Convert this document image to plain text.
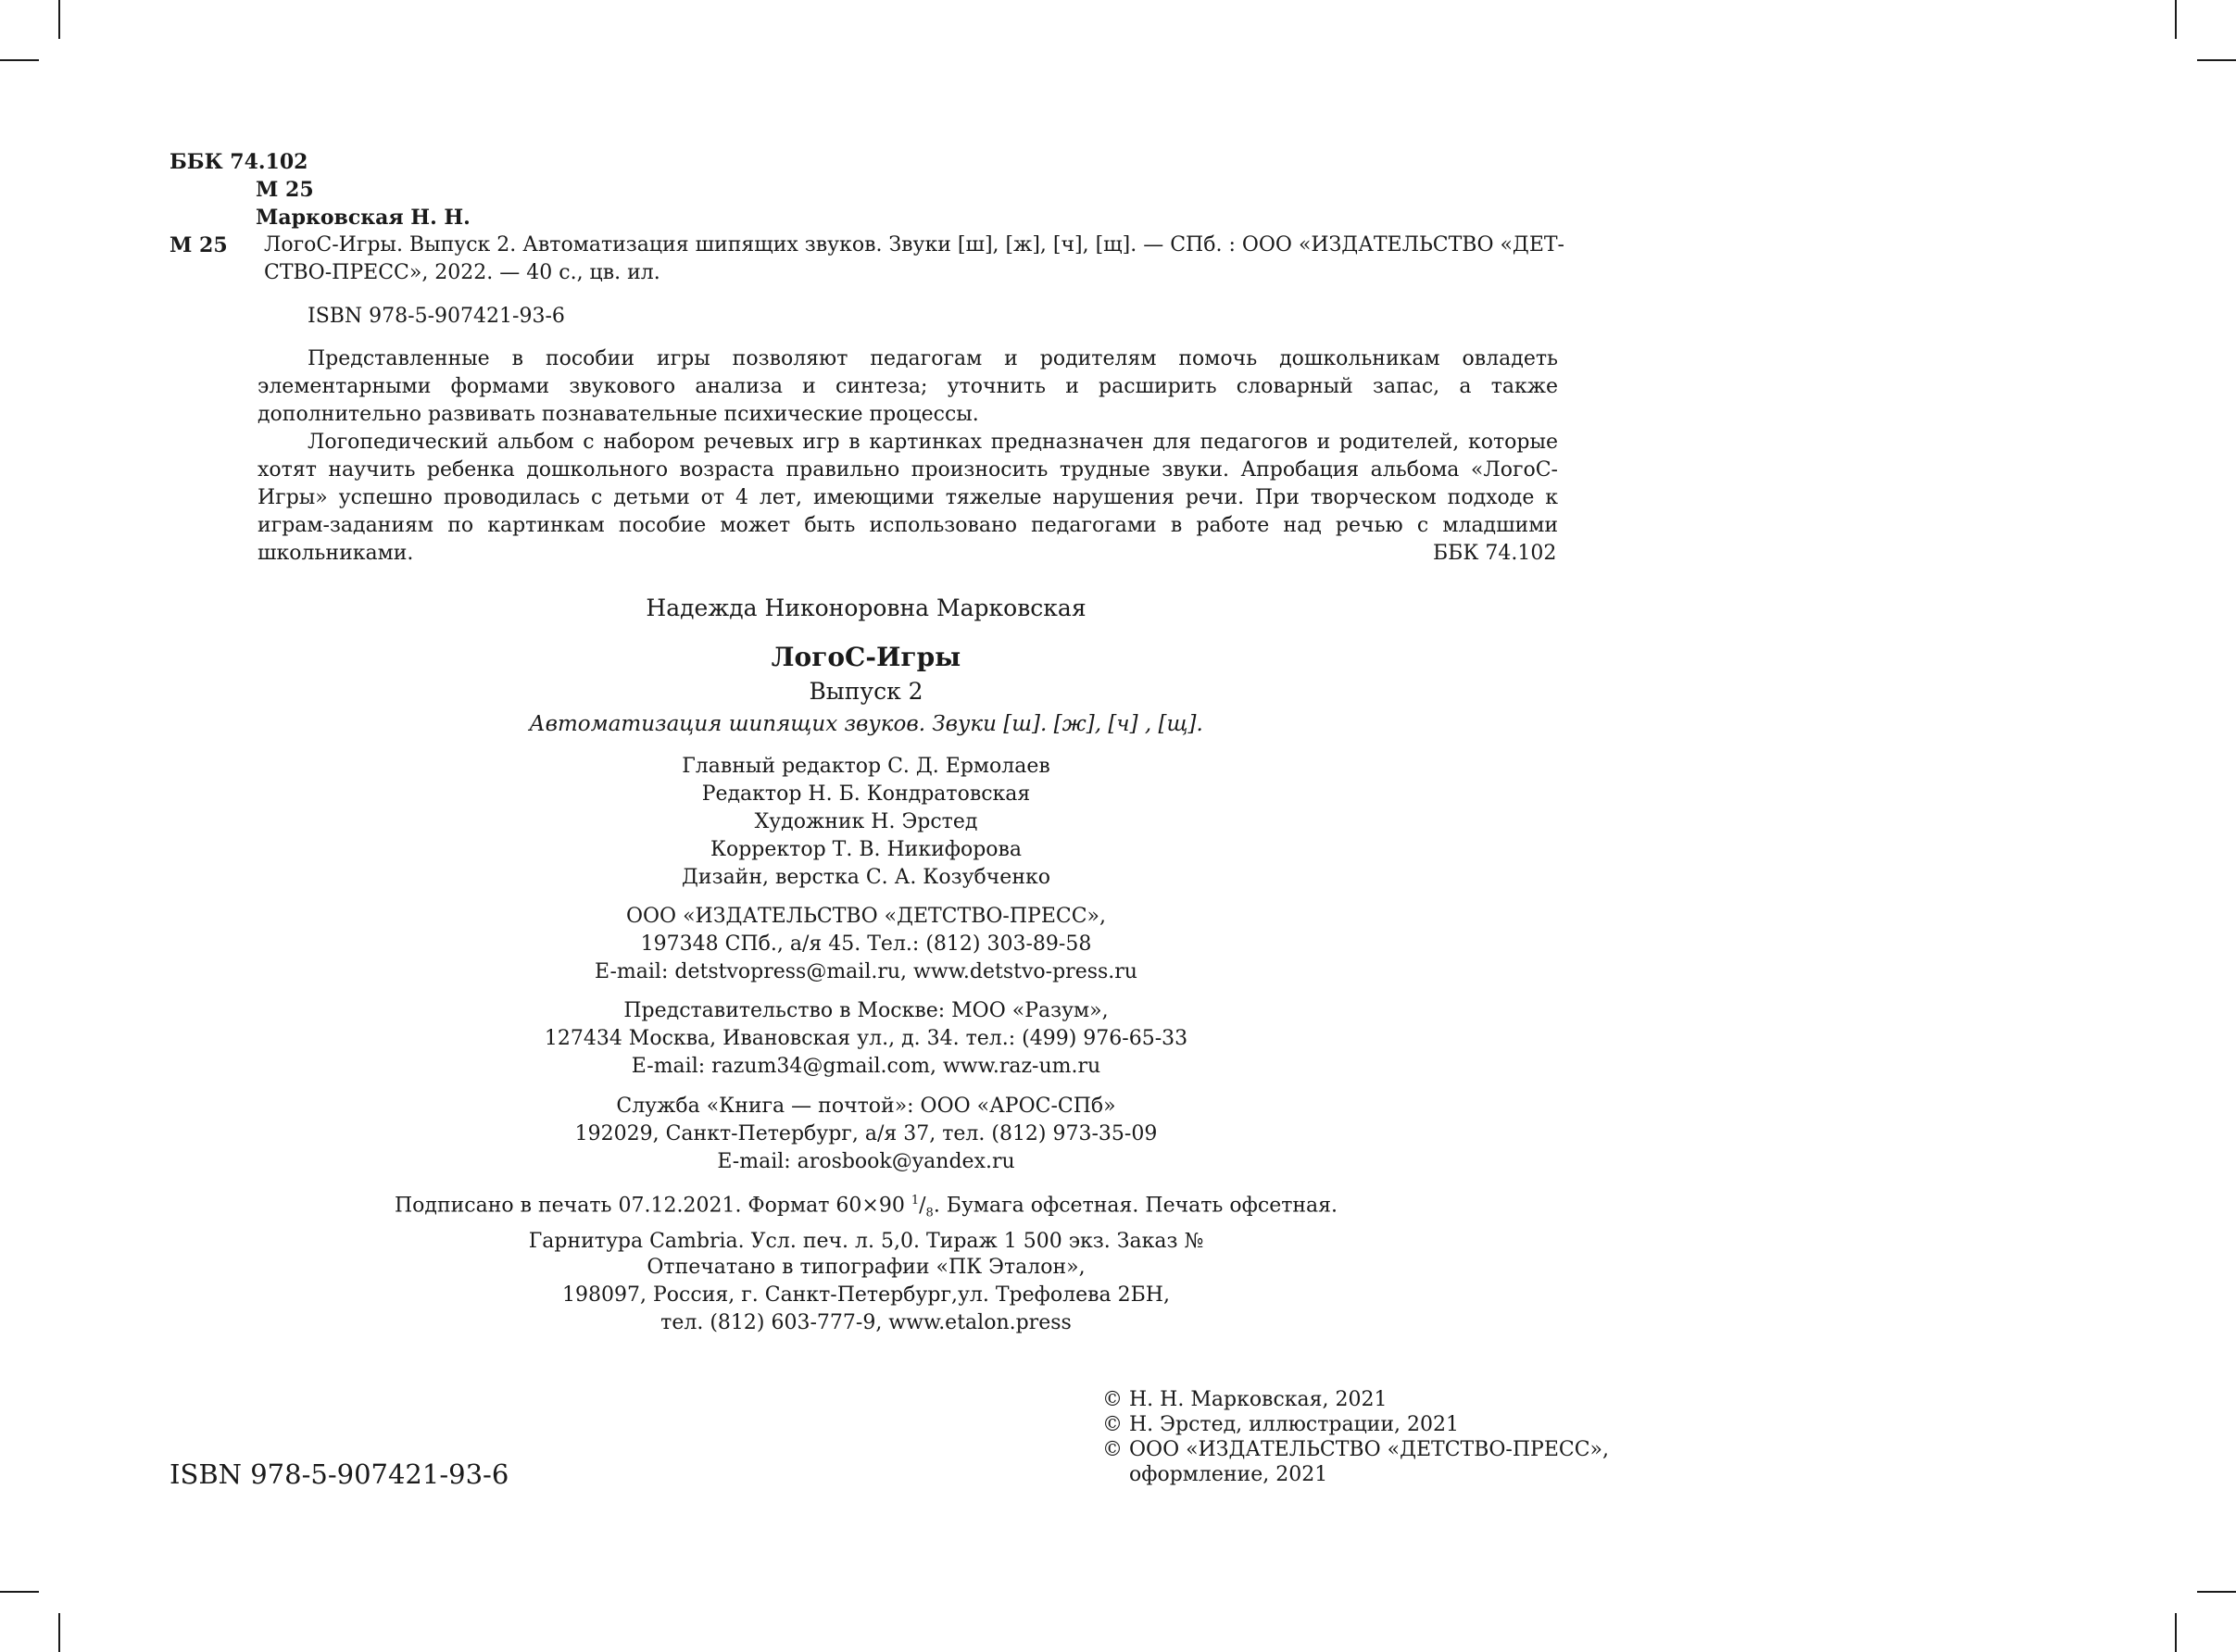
ББК 74.102
М 25
Марковская Н. Н.
М 25 ЛогоС-Игры. Выпуск 2. Автоматизация шипящих звуков. Звуки [ш], [ж], [ч], [щ]. — СПб. : ООО «ИЗДАТЕЛЬСТВО «ДЕТ-
СТВО-ПРЕСС», 2022. — 40 с., цв. ил.
ISBN 978-5-907421-93-6
Представленные в пособии игры позволяют педагогам и родителям помочь дошкольникам овладеть элементарными формами звукового анализа и синтеза; уточнить и расширить словарный запас, а также дополнительно развивать познавательные психические процессы.
Логопедический альбом с набором речевых игр в картинках предназначен для педагогов и родителей, которые хотят научить ребенка дошкольного возраста правильно произносить трудные звуки. Апробация альбома «ЛогоС-Игры» успешно проводилась с детьми от 4 лет, имеющими тяжелые нарушения речи. При творческом подходе к играм-заданиям по картинкам пособие может быть использовано педагогами в работе над речью с младшими школьниками.	ББК 74.102
Надежда Никоноровна Марковская
ЛогоС-Игры
Выпуск 2
Автоматизация шипящих звуков. Звуки [ш]. [ж], [ч] , [щ].
Главный редактор С. Д. Ермолаев
Редактор Н. Б. Кондратовская
Художник Н. Эрстед
Корректор Т. В. Никифорова
Дизайн, верстка С. А. Козубченко
ООО «ИЗДАТЕЛЬСТВО «ДЕТСТВО-ПРЕСС»,
197348 СПб., а/я 45. Тел.: (812) 303-89-58
E-mail: detstvopress@mail.ru, www.detstvo-press.ru
Представительство в Москве: МОО «Разум»,
127434 Москва, Ивановская ул., д. 34. тел.: (499) 976-65-33
E-mail: razum34@gmail.com, www.raz-um.ru
Служба «Книга — почтой»: ООО «АРОС-СПб»
192029, Санкт-Петербург, а/я 37, тел. (812) 973-35-09
E-mail: arosbook@yandex.ru
Подписано в печать 07.12.2021. Формат 60×90 $^1/_8$. Бумага офсетная. Печать офсетная.
Гарнитура Cambria. Усл. печ. л. 5,0. Тираж 1 500 экз. Заказ №
Отпечатано в типографии «ПК Эталон»,
198097, Россия, г. Санкт-Петербург,ул. Трефолева 2БН,
тел. (812) 603-777-9, www.etalon.press
© Н. Н. Марковская, 2021
© Н. Эрстед, иллюстрации, 2021
© ООО «ИЗДАТЕЛЬСТВО «ДЕТСТВО-ПРЕСС»,
оформление, 2021
ISBN 978-5-907421-93-6
